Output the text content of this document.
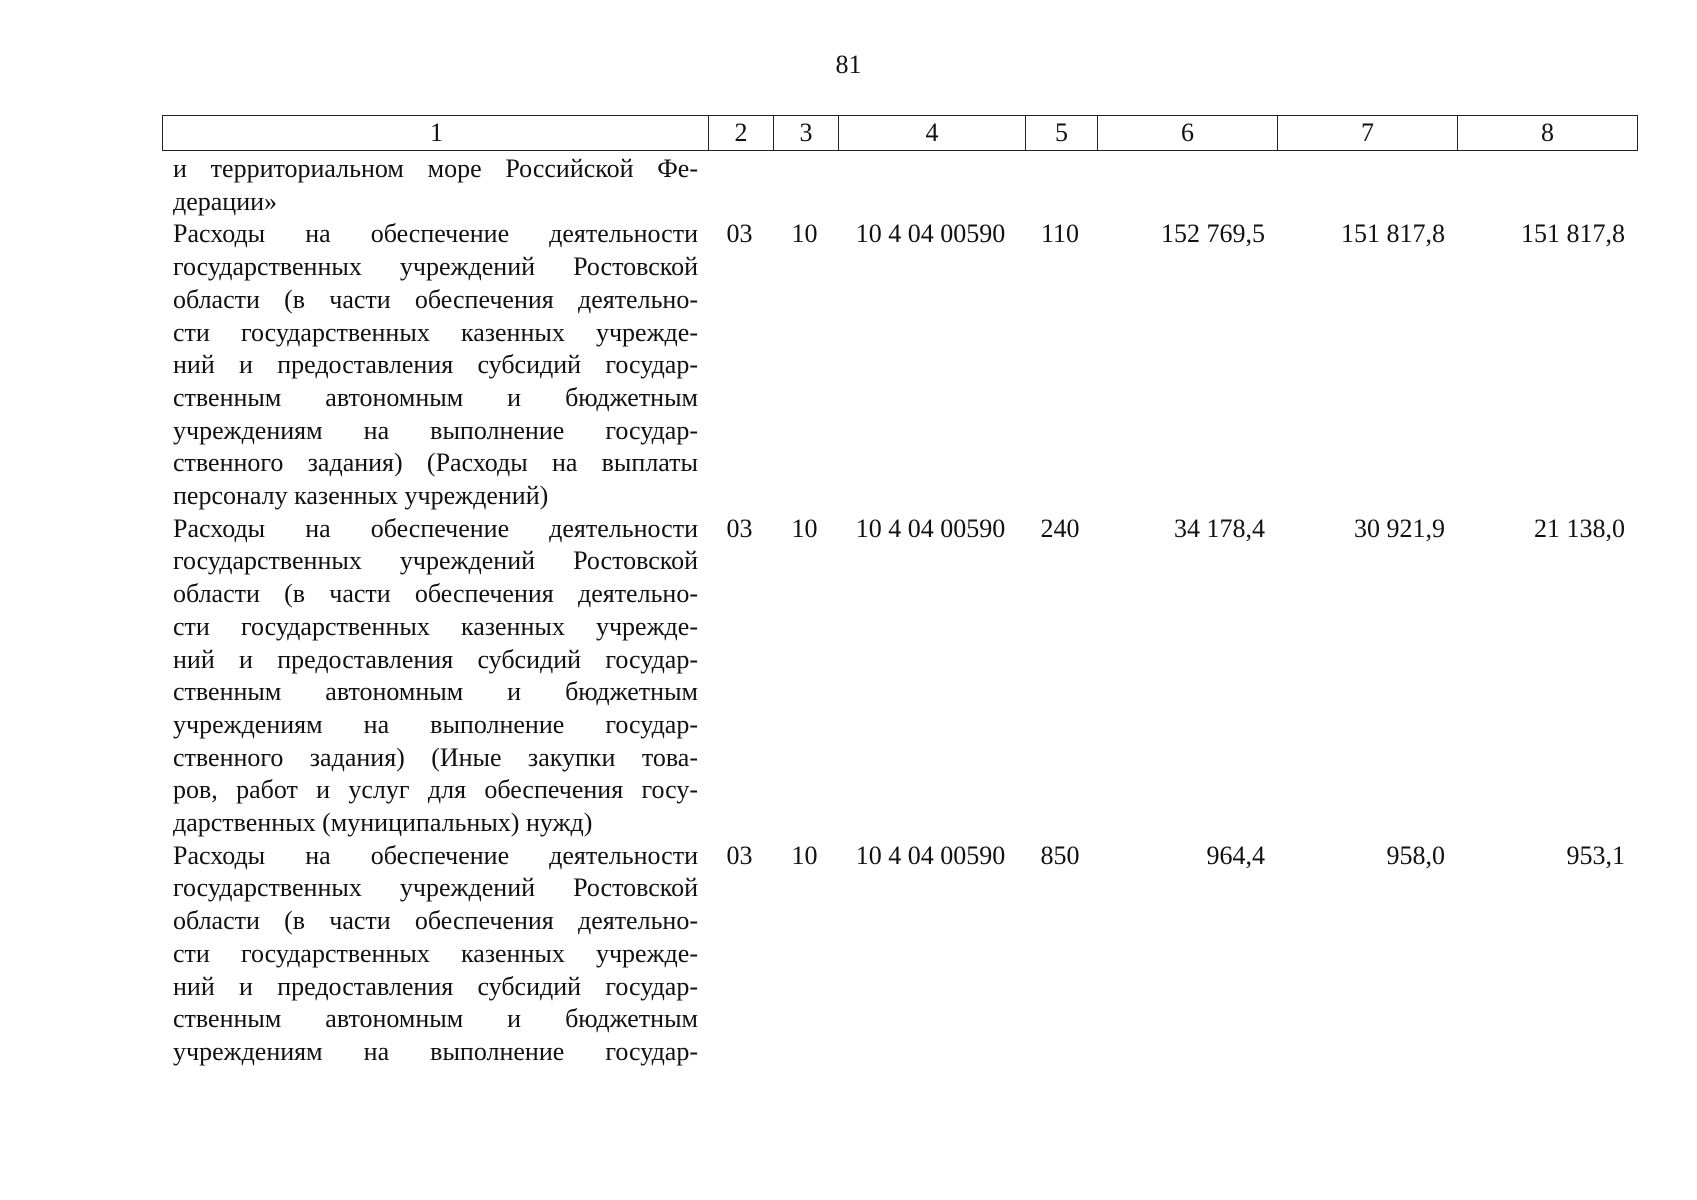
81
1	2	3	4	5	6	7	8
и территориальном море Российской Фе-
дерации»
Расходы на обеспечение деятельности
государственных учреждений Ростовской
области (в части обеспечения деятельно-
сти государственных казенных учрежде-
ний и предоставления субсидий государ-
ственным автономным и бюджетным
учреждениям на выполнение государ-
ственного задания) (Расходы на выплаты
персоналу казенных учреждений)
03	10	10 4 04 00590	110	152 769,5	151 817,8	151 817,8
Расходы на обеспечение деятельности
государственных учреждений Ростовской
области (в части обеспечения деятельно-
сти государственных казенных учрежде-
ний и предоставления субсидий государ-
ственным автономным и бюджетным
учреждениям на выполнение государ-
ственного задания) (Иные закупки това-
ров, работ и услуг для обеспечения госу-
дарственных (муниципальных) нужд)
03	10	10 4 04 00590	240	34 178,4	30 921,9	21 138,0
Расходы на обеспечение деятельности
государственных учреждений Ростовской
области (в части обеспечения деятельно-
сти государственных казенных учрежде-
ний и предоставления субсидий государ-
ственным автономным и бюджетным
учреждениям на выполнение государ-
03	10	10 4 04 00590	850	964,4	958,0	953,1
